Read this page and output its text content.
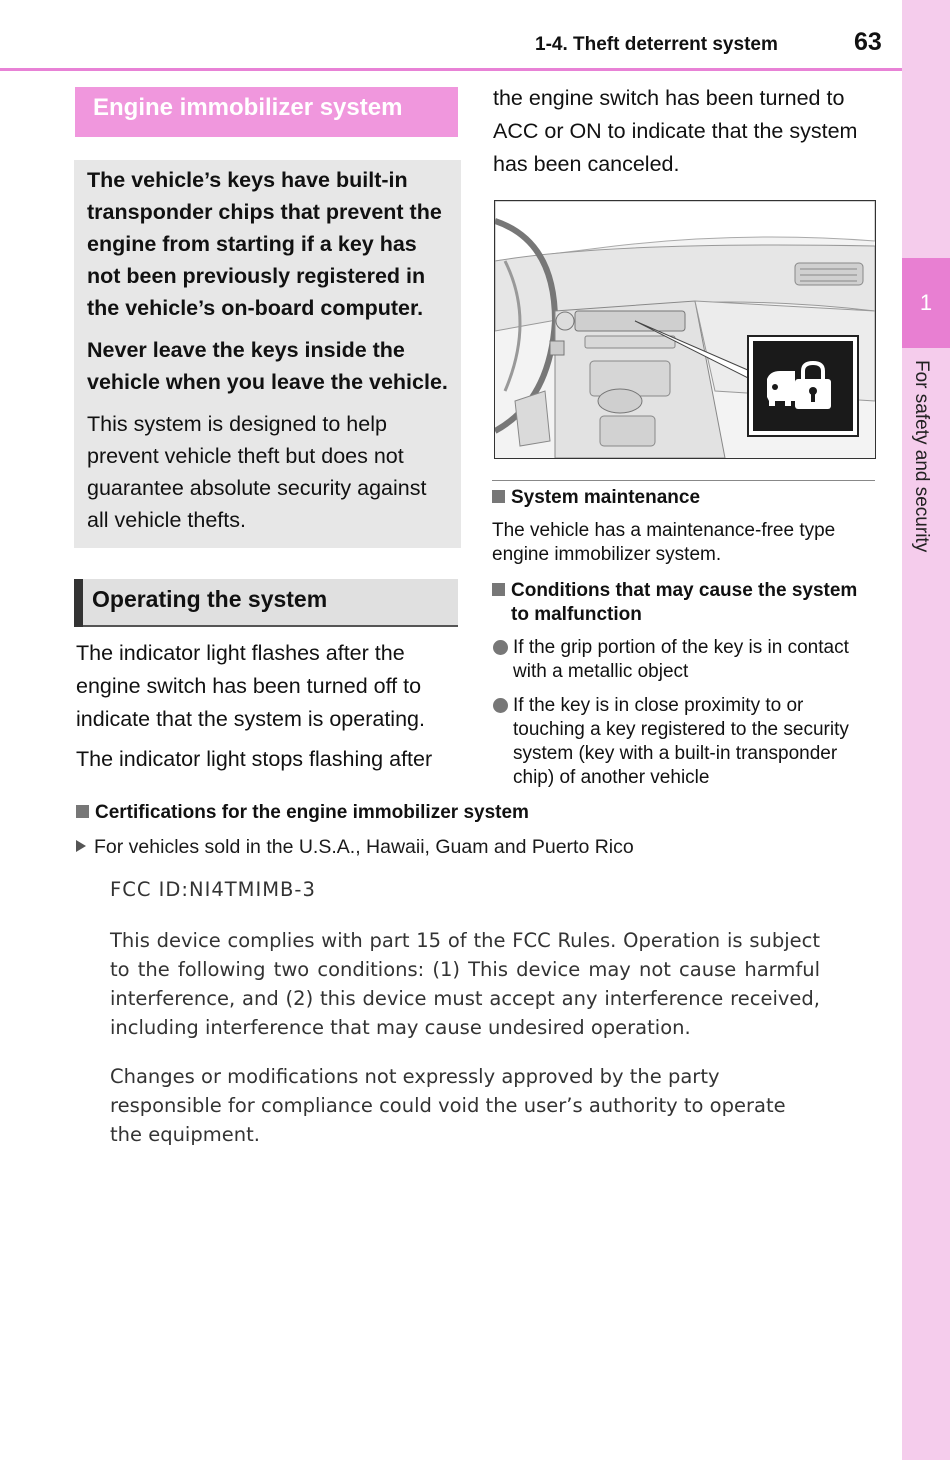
1-4. Theft deterrent system	63
1
For safety and security
Engine immobilizer system
The vehicle’s keys have built-in transponder chips that prevent the engine from starting if a key has not been previously registered in the vehicle’s on-board computer.
Never leave the keys inside the vehicle when you leave the vehicle.
This system is designed to help prevent vehicle theft but does not guarantee absolute security against all vehicle thefts.
Operating the system
The indicator light flashes after the engine switch has been turned off to indicate that the system is operating.
The indicator light stops flashing after
the engine switch has been turned to ACC or ON to indicate that the system has been canceled.
System maintenance
The vehicle has a maintenance-free type engine immobilizer system.
Conditions that may cause the system to malfunction
If the grip portion of the key is in contact with a metallic object
If the key is in close proximity to or touching a key registered to the security system (key with a built-in transponder chip) of another vehicle
Certifications for the engine immobilizer system
For vehicles sold in the U.S.A., Hawaii, Guam and Puerto Rico
FCC ID:NI4TMIMB-3
This device complies with part 15 of the FCC Rules. Operation is subject to the following two conditions: (1) This device may not cause harmful interference, and (2) this device must accept any interference received, including interference that may cause undesired operation.
Changes or modifications not expressly approved by the party responsible for compliance could void the user’s authority to operate the equipment.
